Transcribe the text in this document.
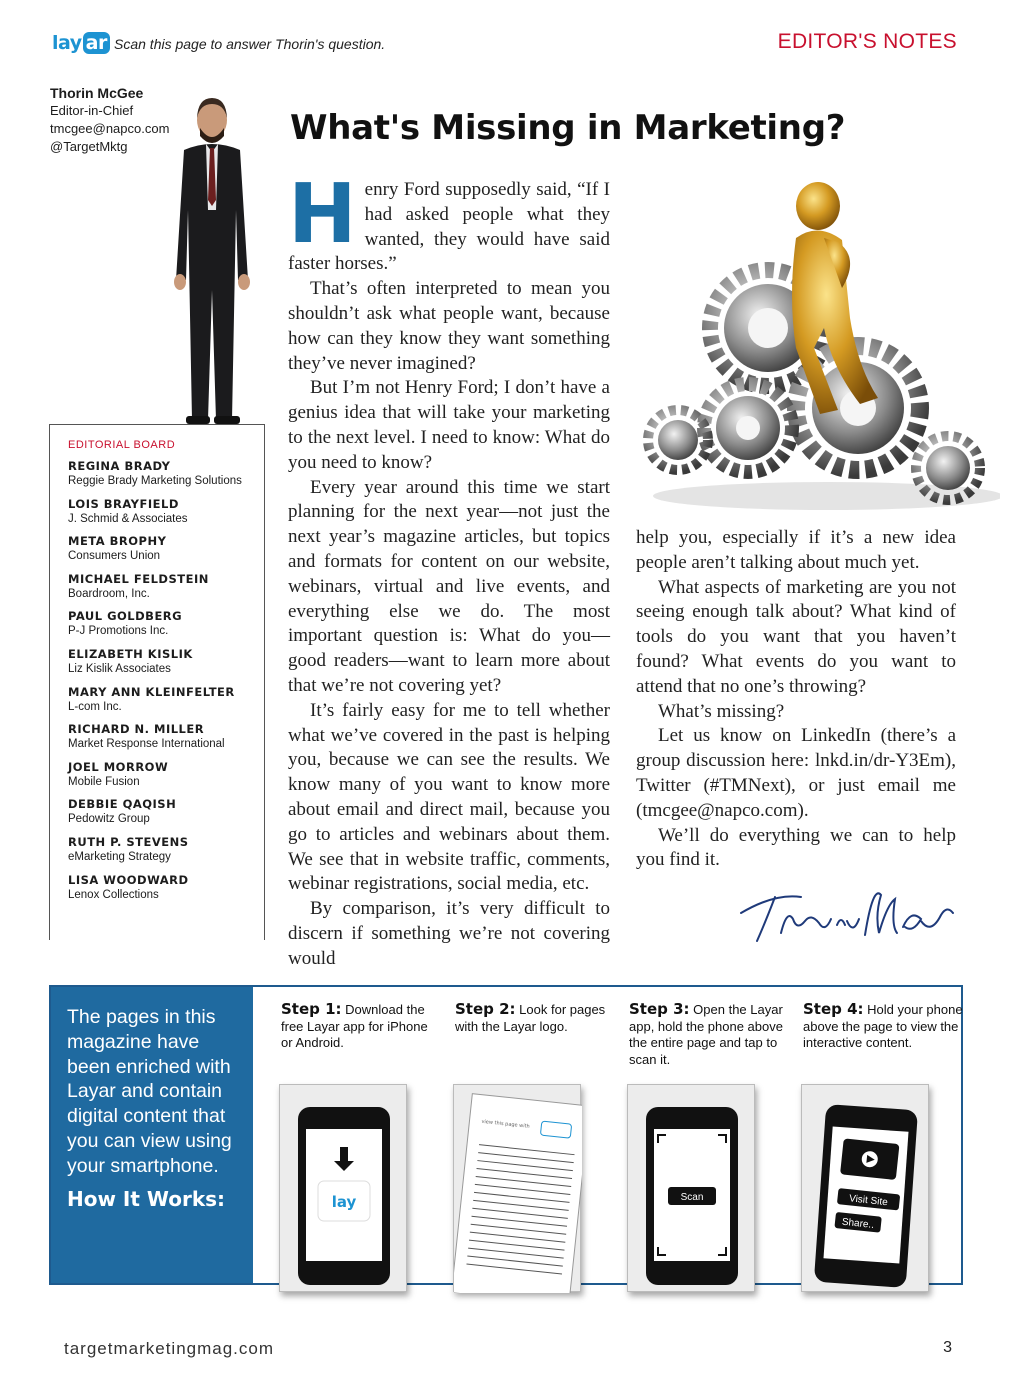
lay ar Scan this page to answer Thorin's question.	EDITOR'S NOTES
Thorin McGee
Editor-in-Chief
tmcgee@napco.com
@TargetMktg
EDITORIAL BOARD
REGINA BRADY
Reggie Brady Marketing Solutions
LOIS BRAYFIELD
J. Schmid & Associates
META BROPHY
Consumers Union
MICHAEL FELDSTEIN
Boardroom, Inc.
PAUL GOLDBERG
P-J Promotions Inc.
ELIZABETH KISLIK
Liz Kislik Associates
MARY ANN KLEINFELTER
L-com Inc.
RICHARD N. MILLER
Market Response International
JOEL MORROW
Mobile Fusion
DEBBIE QAQISH
Pedowitz Group
RUTH P. STEVENS
eMarketing Strategy
LISA WOODWARD
Lenox Collections
What's Missing in Marketing?

Henry Ford supposedly said, “If I had asked people what they wanted, they would have said faster horses.”

That’s often interpreted to mean you shouldn’t ask what people want, because how can they know they want something they’ve never imagined?

But I’m not Henry Ford; I don’t have a genius idea that will take your marketing to the next level. I need to know: What do you need to know?

Every year around this time we start planning for the next year—not just the next year’s magazine articles, but topics and formats for content on our website, webinars, virtual and live events, and everything else we do. The most important question is: What do you—good readers—want to learn more about that we’re not covering yet?

It’s fairly easy for me to tell whether what we’ve covered in the past is helping you, because we can see the results. We know many of you want to know more about email and direct mail, because you go to articles and webinars about them. We see that in website traffic, comments, webinar registrations, social media, etc.

By comparison, it’s very difficult to discern if something we’re not covering would

help you, especially if it’s a new idea people aren’t talking about much yet.

What aspects of marketing are you not seeing enough talk about? What kind of tools do you want that you haven’t found? What events do you want to attend that no one’s throwing?

What’s missing?

Let us know on LinkedIn (there’s a group discussion here: lnkd.in/dr-Y3Em), Twitter (#TMNext), or just email me (tmcgee@napco.com).

We’ll do everything we can to help you find it.

The pages in this magazine have been enriched with Layar and contain digital content that you can view using your smartphone.
How It Works:
Step 1: Download the free Layar app for iPhone or Android.
Step 2: Look for pages with the Layar logo.
Step 3: Open the Layar app, hold the phone above the entire page and tap to scan it.
Step 4: Hold your phone above the page to view the interactive content.
lay
view this page with
Scan	Visit Site
Share..
targetmarketingmag.com	3
